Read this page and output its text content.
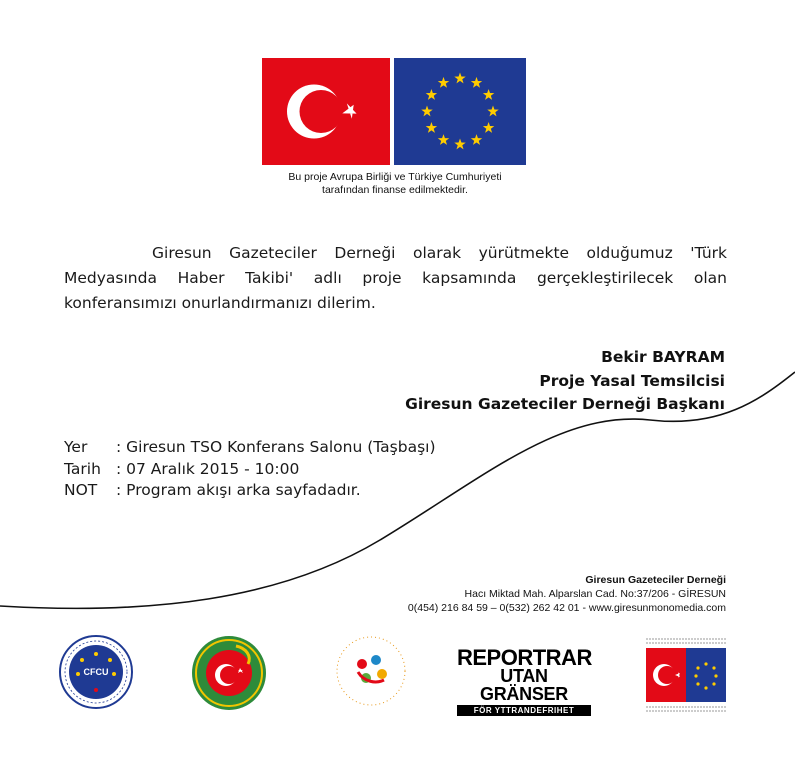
Bu proje Avrupa Birliği ve Türkiye Cumhuriyeti
tarafından finanse edilmektedir.
Giresun Gazeteciler Derneği olarak yürütmekte olduğumuz 'Türk Medyasında Haber Takibi' adlı proje kapsamında gerçekleştirilecek olan konferansımızı onurlandırmanızı dilerim.
Bekir BAYRAM
Proje Yasal Temsilcisi
Giresun Gazeteciler Derneği Başkanı
Yer	: Giresun TSO Konferans Salonu (Taşbaşı)
Tarih : 07 Aralık 2015 - 10:00
NOT	: Program akışı arka sayfadadır.
Giresun Gazeteciler Derneği
Hacı Miktad Mah. Alparslan Cad. No:37/206 - GİRESUN
0(454) 216 84 59 – 0(532) 262 42 01 - www.giresunmonomedia.com
CFCU
REPORTRAR
UTAN GRÄNSER
FÖR YTTRANDEFRIHET
